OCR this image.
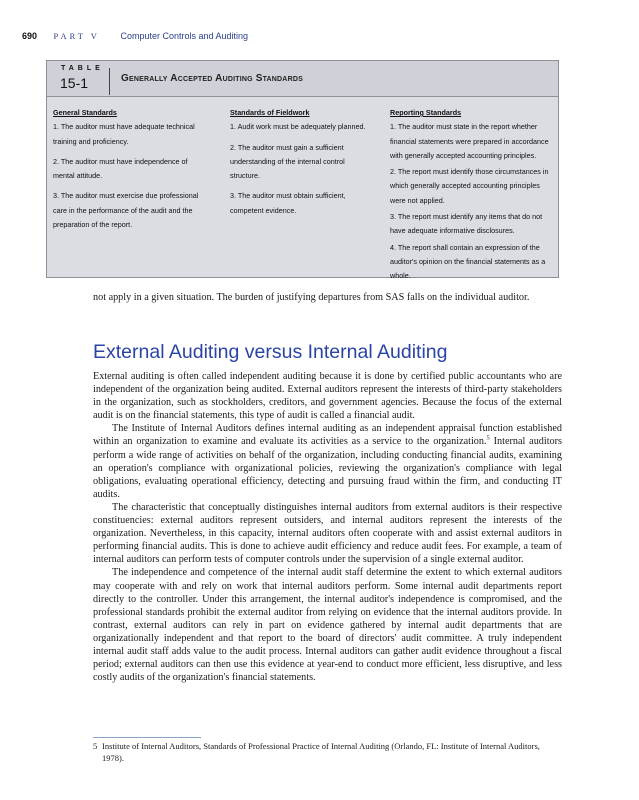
690 PART V Computer Controls and Auditing
TABLE
15-1	Generally Accepted Auditing Standards
General Standards
1. The auditor must have adequate technical training and proficiency.
2. The auditor must have independence of mental attitude.
3. The auditor must exercise due professional care in the performance of the audit and the preparation of the report.
Standards of Fieldwork
1. Audit work must be adequately planned.
2. The auditor must gain a sufficient understanding of the internal control structure.
3. The auditor must obtain sufficient, competent evidence.
Reporting Standards
1. The auditor must state in the report whether financial statements were prepared in accordance with generally accepted accounting principles.
2. The report must identify those circumstances in which generally accepted accounting principles were not applied.
3. The report must identify any items that do not have adequate informative disclosures.
4. The report shall contain an expression of the auditor's opinion on the financial statements as a whole.

not apply in a given situation. The burden of justifying departures from SAS falls on the individual auditor.

External Auditing versus Internal Auditing

External auditing is often called independent auditing because it is done by certified public accountants who are independent of the organization being audited. External auditors represent the interests of third-party stakeholders in the organization, such as stockholders, creditors, and government agencies. Because the focus of the external audit is on the financial statements, this type of audit is called a financial audit.

The Institute of Internal Auditors defines internal auditing as an independent appraisal function established within an organization to examine and evaluate its activities as a service to the organization.$^5$ Internal auditors perform a wide range of activities on behalf of the organization, including conducting financial audits, examining an operation's compliance with organizational policies, reviewing the organization's compliance with legal obligations, evaluating operational efficiency, detecting and pursuing fraud within the firm, and conducting IT audits.

The characteristic that conceptually distinguishes internal auditors from external auditors is their respective constituencies: external auditors represent outsiders, and internal auditors represent the interests of the organization. Nevertheless, in this capacity, internal auditors often cooperate with and assist external auditors in performing financial audits. This is done to achieve audit efficiency and reduce audit fees. For example, a team of internal auditors can perform tests of computer controls under the supervision of a single external auditor.

The independence and competence of the internal audit staff determine the extent to which external auditors may cooperate with and rely on work that internal auditors perform. Some internal audit departments report directly to the controller. Under this arrangement, the internal auditor's independence is compromised, and the professional standards prohibit the external auditor from relying on evidence that the internal auditors provide. In contrast, external auditors can rely in part on evidence gathered by internal audit departments that are organizationally independent and that report to the board of directors' audit committee. A truly independent internal audit staff adds value to the audit process. Internal auditors can gather audit evidence throughout a fiscal period; external auditors can then use this evidence at year-end to conduct more efficient, less disruptive, and less costly audits of the organization's financial statements.

5 Institute of Internal Auditors, Standards of Professional Practice of Internal Auditing (Orlando, FL: Institute of Internal Auditors, 1978).
